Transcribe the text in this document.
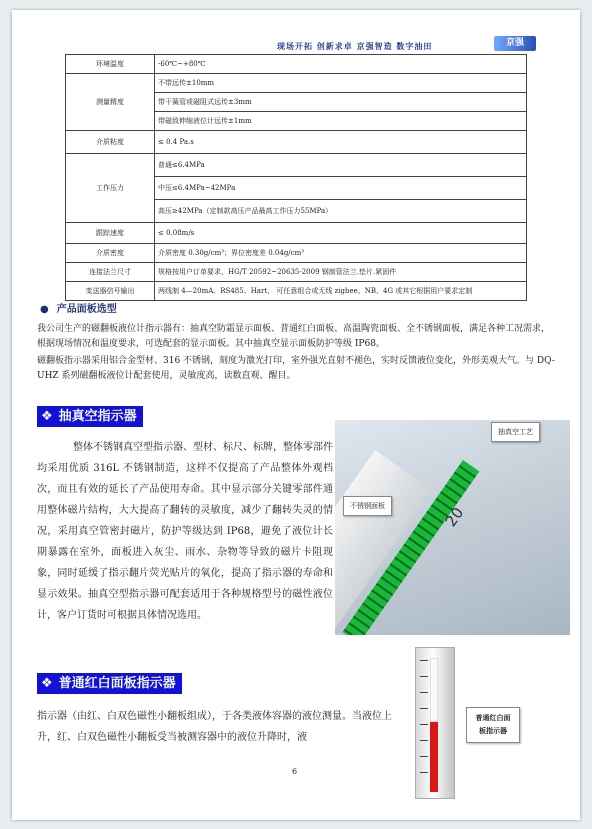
现场开拓 创新求卓 京强智造 数字油田	京强
环境温度	-60℃~+80℃
测量精度	不带远传±10mm
	带干簧管或磁阻式远传±3mm
	带磁致伸缩液位计远传±1mm
介质粘度	≤ 0.4 Pa.s
工作压力	普通≤6.4MPa
	中压≤6.4MPa~42MPa
	高压≥42MPa（定制款高压产品最高工作压力55MPa）
跟踪速度	≤ 0.08m/s
介质密度	介质密度 0.30g/cm³；界位密度差 0.04g/cm³
连接法兰尺寸	规格按用户订单要求，HG/T 20592~20635-2009 钢制管法兰.垫片.紧固件
变送器信号输出	两线制 4—20mA、RS485、Hart、 可任意组合或无线 zigbee、NB、4G 或其它根据用户要求定制
● 产品面板选型
我公司生产的磁翻板液位计指示器有：抽真空防霜显示面板、普通红白面板、高温陶瓷面板、全不锈钢面板，满足各种工况需求，根据现场情况和温度要求，可选配套的显示面板。其中抽真空显示面板防护等级 IP68。
磁翻板指示器采用铝合金型材、316 不锈钢，刻度为激光打印，室外强光直射不褪色，实时反馈液位变化，外形美观大气。与 DQ-UHZ 系列磁翻板液位计配套使用，灵敏度高，读数直观、醒目。
❖ 抽真空指示器

整体不锈钢真空型指示器、型材、标尺、标牌，整体零部件均采用优质 316L 不锈钢制造，这样不仅提高了产品整体外观档次，而且有效的延长了产品使用寿命。其中显示部分关键零部件通用整体磁片结构，大大提高了翻转的灵敏度，减少了翻转失灵的情况，采用真空管密封磁片，防护等级达到 IP68，避免了液位计长期暴露在室外，面板进入灰尘、雨水、杂物等导致的磁片卡阻现象，同时延缓了指示翻片荧光贴片的氧化，提高了指示器的寿命和显示效果。抽真空型指示器可配套适用于各种规格型号的磁性液位计，客户订货时可根据具体情况选用。

20
抽真空工艺
不锈钢面板
❖ 普通红白面板指示器
指示器（由红、白双色磁性小翻板组成），于各类液体容器的液位测量。当液位上升，红、白双色磁性小翻板受当被测容器中的液位升降时，液
普通红白面板指示器
6
